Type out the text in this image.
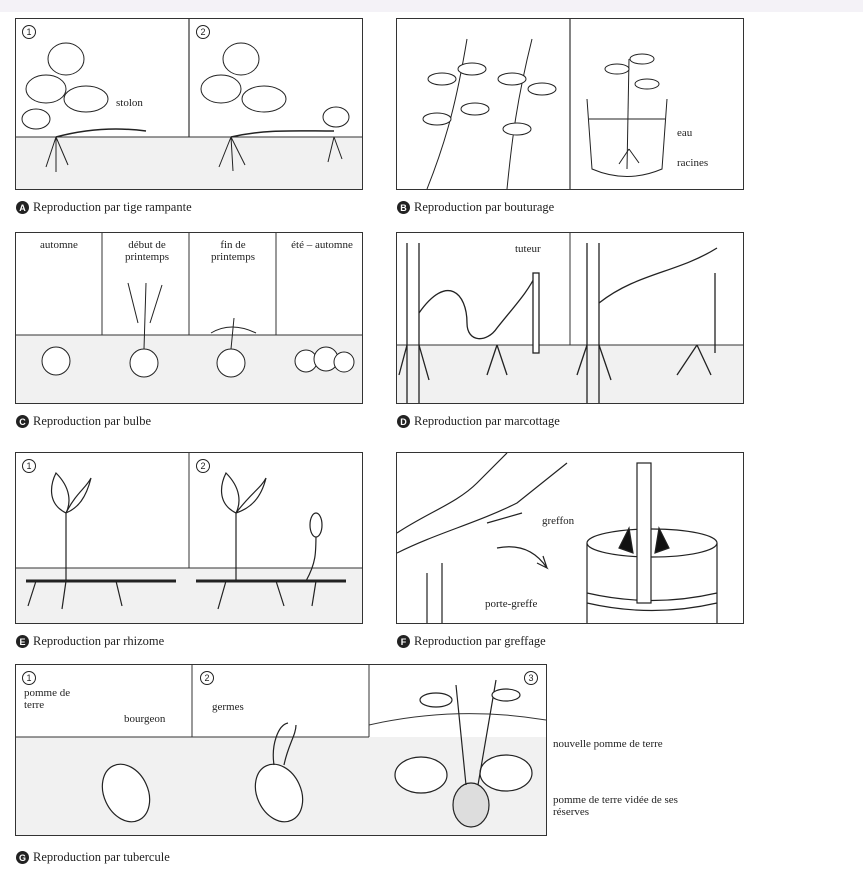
1	2
stolon
A Reproduction par tige rampante
eau
racines
B Reproduction par bouturage
automne	début de printemps
fin de printemps
été – automne
C Reproduction par bulbe
tuteur
D Reproduction par marcottage
1	2
E Reproduction par rhizome
greffon
porte-greffe
F Reproduction par greffage
1	2	3
pomme de terre
bourgeon
germes
nouvelle pomme de terre
pomme de terre vidée de ses réserves
G Reproduction par tubercule
